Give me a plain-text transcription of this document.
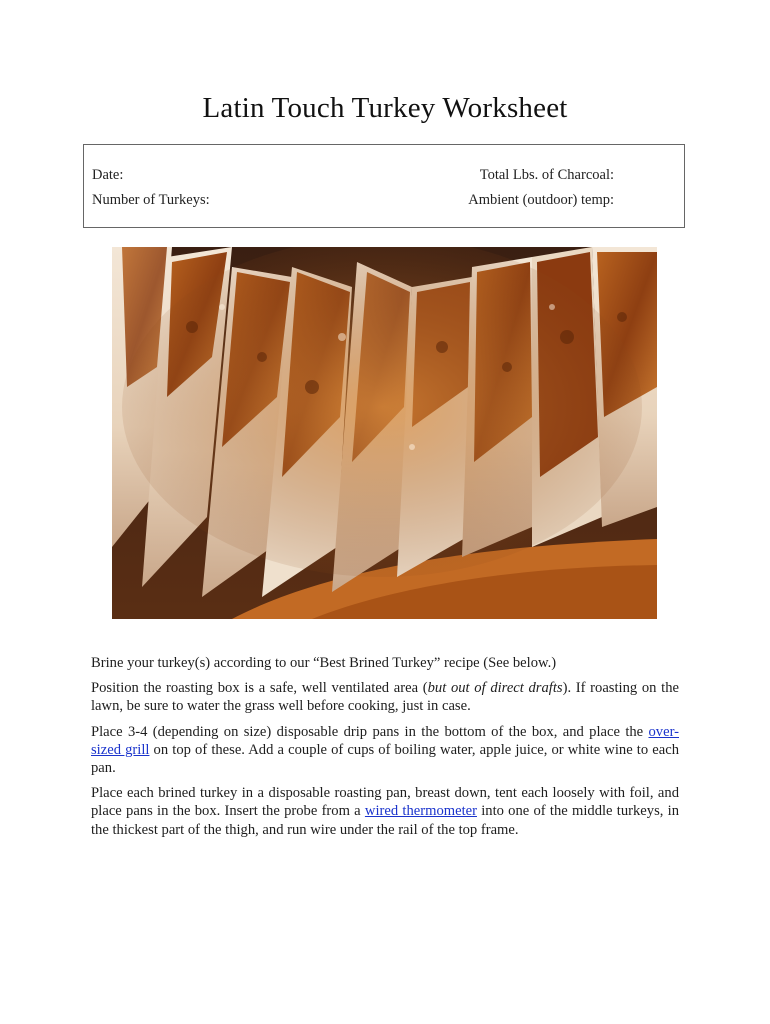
Latin Touch Turkey Worksheet
Date:
Number of Turkeys:
Total Lbs. of Charcoal:
Ambient (outdoor) temp:

Brine your turkey(s) according to our “Best Brined Turkey” recipe (See below.)

Position the roasting box is a safe, well ventilated area (but out of direct drafts). If roasting on the lawn, be sure to water the grass well before cooking, just in case.

Place 3-4 (depending on size) disposable drip pans in the bottom of the box, and place the over-sized grill on top of these. Add a couple of cups of boiling water, apple juice, or white wine to each pan.

Place each brined turkey in a disposable roasting pan, breast down, tent each loosely with foil, and place pans in the box. Insert the probe from a wired thermometer into one of the middle turkeys, in the thickest part of the thigh, and run wire under the rail of the top frame.
